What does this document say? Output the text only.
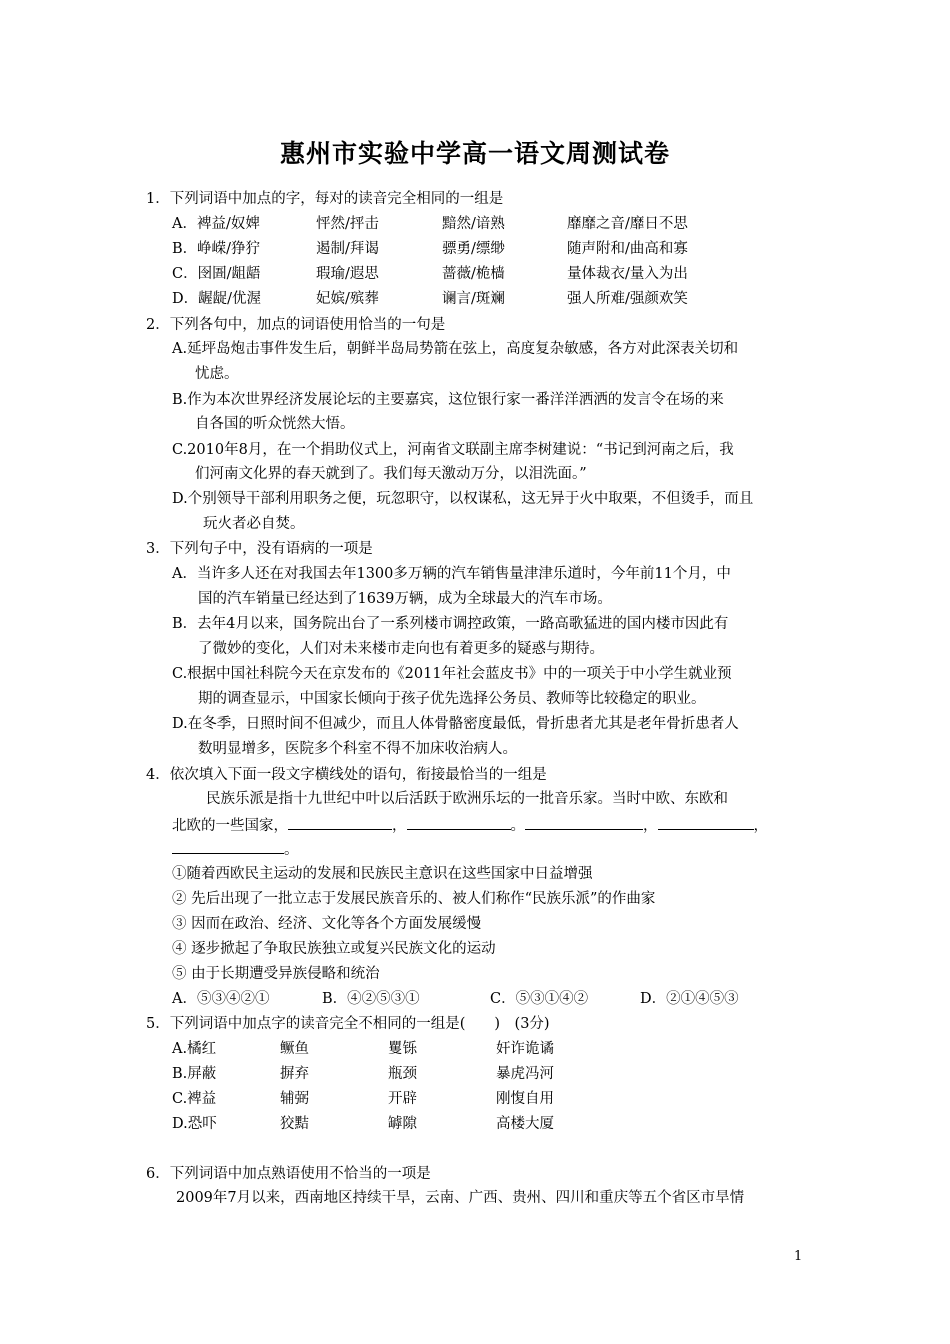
惠州市实验中学高一语文周测试卷
1．下列词语中加点的字，每对的读音完全相同的一组是
A．裨益/奴婢	怦然/抨击	黯然/谙熟	靡靡之音/靡日不思
B．峥嵘/狰狞	遏制/拜谒	骠勇/缥缈	随声附和/曲高和寡
C．囹圄/龃龉	瑕瑜/遐思	蔷薇/桅樯	量体裁衣/量入为出
D．龌龊/优渥	妃嫔/殡葬	谰言/斑斓	强人所难/强颜欢笑
2．下列各句中，加点的词语使用恰当的一句是
A.延坪岛炮击事件发生后，朝鲜半岛局势箭在弦上，高度复杂敏感，各方对此深表关切和
忧虑。
B.作为本次世界经济发展论坛的主要嘉宾，这位银行家一番洋洋洒洒的发言令在场的来
自各国的听众恍然大悟。
C.2010年8月，在一个捐助仪式上，河南省文联副主席李树建说：“书记到河南之后，我
们河南文化界的春天就到了。我们每天激动万分，以泪洗面。”
D.个别领导干部利用职务之便，玩忽职守，以权谋私，这无异于火中取栗，不但烫手，而且
玩火者必自焚。
3．下列句子中，没有语病的一项是
A．当许多人还在对我国去年1300多万辆的汽车销售量津津乐道时，今年前11个月，中
国的汽车销量已经达到了1639万辆，成为全球最大的汽车市场。
B．去年4月以来，国务院出台了一系列楼市调控政策，一路高歌猛进的国内楼市因此有
了微妙的变化，人们对未来楼市走向也有着更多的疑惑与期待。
C.根据中国社科院今天在京发布的《2011年社会蓝皮书》中的一项关于中小学生就业预
期的调查显示，中国家长倾向于孩子优先选择公务员、教师等比较稳定的职业。
D.在冬季，日照时间不但减少，而且人体骨骼密度最低，骨折患者尤其是老年骨折患者人
数明显增多，医院多个科室不得不加床收治病人。
4．依次填入下面一段文字横线处的语句，衔接最恰当的一组是
民族乐派是指十九世纪中叶以后活跃于欧洲乐坛的一批音乐家。当时中欧、东欧和
北欧的一些国家，	，	。	，	，
。
①随着西欧民主运动的发展和民族民主意识在这些国家中日益增强
② 先后出现了一批立志于发展民族音乐的、被人们称作“民族乐派”的作曲家
③ 因而在政治、经济、文化等各个方面发展缓慢
④ 逐步掀起了争取民族独立或复兴民族文化的运动
⑤ 由于长期遭受异族侵略和统治
A．⑤③④②①	B．④②⑤③①	C．⑤③①④②	D．②①④⑤③
5．下列词语中加点字的读音完全不相同的一组是(　　)　(3分)
A.橘红	鳜鱼	矍铄	奸诈诡谲
B.屏蔽	摒弃	瓶颈	暴虎冯河
C.裨益	辅弼	开辟	刚愎自用
D.恐吓	狡黠	罅隙	高楼大厦
6．下列词语中加点熟语使用不恰当的一项是
2009年7月以来，西南地区持续干旱，云南、广西、贵州、四川和重庆等五个省区市旱情
1
